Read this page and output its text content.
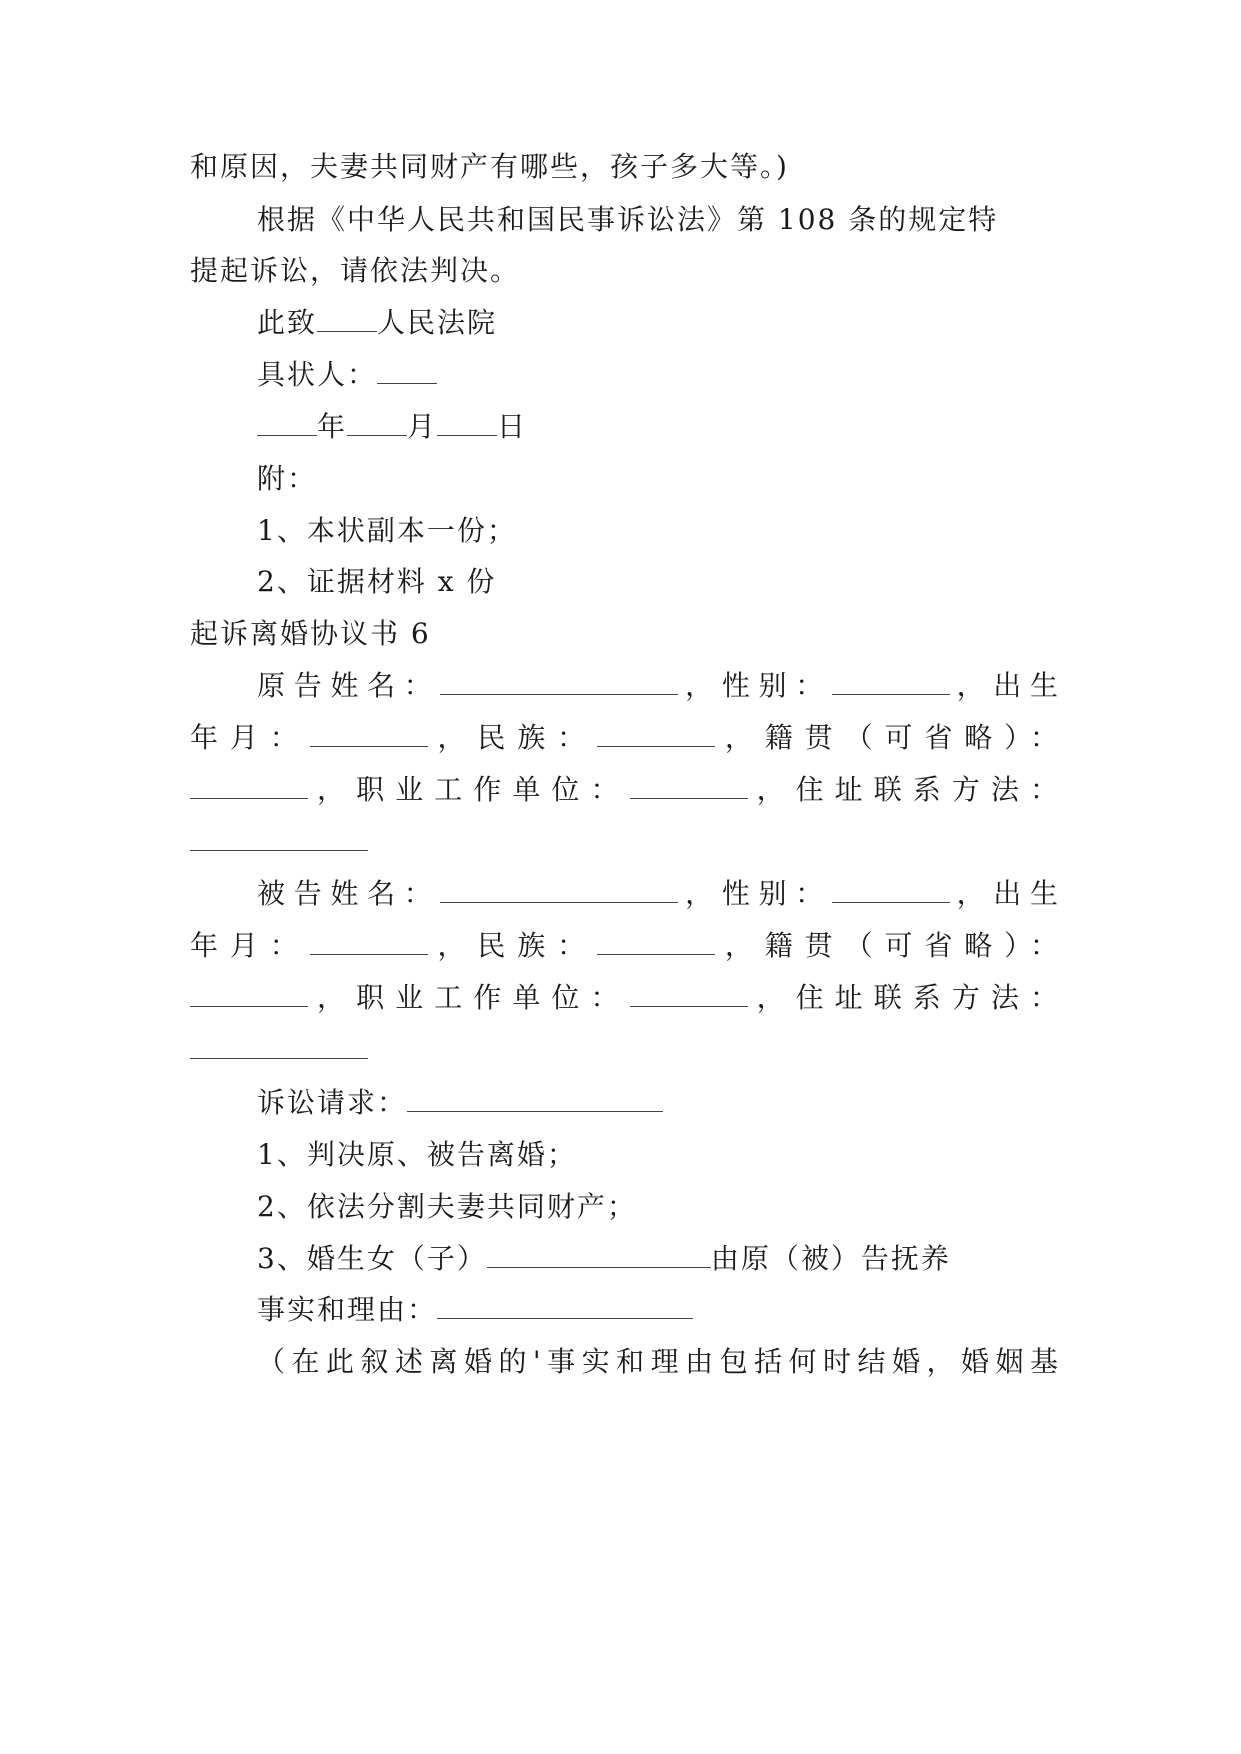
和原因，夫妻共同财产有哪些，孩子多大等。)
根据《中华人民共和国民事诉讼法》第 108 条的规定特
提起诉讼，请依法判决。
此致 人民法院
具状人：
年 月 日
附：
1、本状副本一份；
2、证据材料 x 份
起诉离婚协议书 6
原告姓名：	，性别：	，出生
年月：	，民族：	，籍贯（可省略）：
，职业工作单位：	，住址联系方法：
被告姓名：	，性别：	，出生
年月：	，民族：	，籍贯（可省略）：
，职业工作单位：	，住址联系方法：
诉讼请求：
1、判决原、被告离婚；
2、依法分割夫妻共同财产；
3、婚生女（子）	由原（被）告抚养
事实和理由：
（在此叙述离婚的'事实和理由包括何时结婚，婚姻基
